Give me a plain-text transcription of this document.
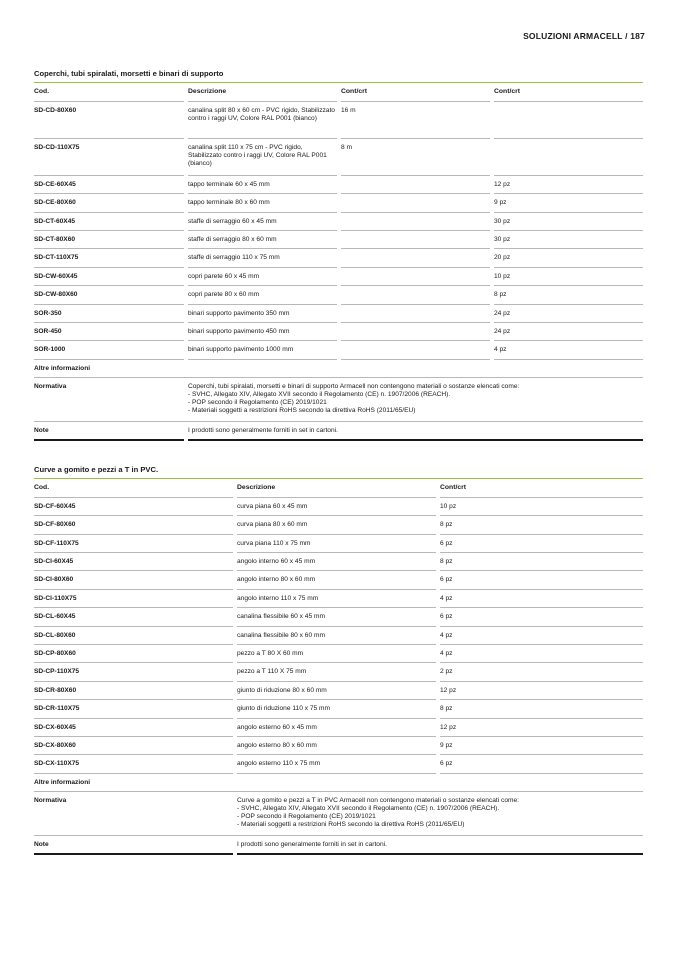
SOLUZIONI ARMACELL / 187
Coperchi, tubi spiralati, morsetti e binari di supporto
Cod.		Descrizione		Cont/crt		Cont/crt
SD-CD-80X60		canalina split 80 x 60 cm - PVC rigido, Stabilizzato contro i raggi UV, Colore RAL P001 (bianco)		16 m		
SD-CD-110X75		canalina split 110 x 75 cm - PVC rigido, Stabilizzato contro i raggi UV, Colore RAL P001 (bianco)		8 m		
SD-CE-60X45		tappo terminale 60 x 45 mm				12 pz
SD-CE-80X60		tappo terminale 80 x 60 mm				9 pz
SD-CT-60X45		staffe di serraggio 60 x 45 mm				30 pz
SD-CT-80X60		staffe di serraggio 80 x 60 mm				30 pz
SD-CT-110X75		staffe di serraggio 110 x 75 mm				20 pz
SD-CW-60X45		copri parete 60 x 45 mm				10 pz
SD-CW-80X60		copri parete 80 x 60 mm				8 pz
SOR-350		binari supporto pavimento 350 mm				24 pz
SOR-450		binari supporto pavimento 450 mm				24 pz
SOR-1000		binari supporto pavimento 1000 mm				4 pz
Altre informazioni						
Normativa		Coperchi, tubi spiralati, morsetti e binari di supporto Armacell non contengono materiali o sostanze elencati come:
- SVHC, Allegato XIV, Allegato XVII secondo il Regolamento (CE) n. 1907/2006 (REACH).
- POP secondo il Regolamento (CE) 2019/1021
- Materiali soggetti a restrizioni RoHS secondo la direttiva RoHS (2011/65/EU)				

Note		I prodotti sono generalmente forniti in set in cartoni.				
Curve a gomito e pezzi a T in PVC.
Cod.		Descrizione		Cont/crt
SD-CF-60X45		curva piana 60 x 45 mm		10 pz
SD-CF-80X60		curva piana 80 x 60 mm		8 pz
SD-CF-110X75		curva piana 110 x 75 mm		6 pz
SD-CI-60X45		angolo interno 60 x 45 mm		8 pz
SD-CI-80X60		angolo interno 80 x 60 mm		6 pz
SD-CI-110X75		angolo interno 110 x 75 mm		4 pz
SD-CL-60X45		canalina flessibile 60 x 45 mm		6 pz
SD-CL-80X60		canalina flessibile 80 x 60 mm		4 pz
SD-CP-80X60		pezzo a T 80 X 60 mm		4 pz
SD-CP-110X75		pezzo a T 110 X 75 mm		2 pz
SD-CR-80X60		giunto di riduzione 80 x 60 mm		12 pz
SD-CR-110X75		giunto di riduzione 110 x 75 mm		8 pz
SD-CX-60X45		angolo esterno 60 x 45 mm		12 pz
SD-CX-80X60		angolo esterno 80 x 60 mm		9 pz
SD-CX-110X75		angolo esterno 110 x 75 mm		6 pz
Altre informazioni				
Normativa		Curve a gomito e pezzi a T in PVC Armacell non contengono materiali o sostanze elencati come:
- SVHC, Allegato XIV, Allegato XVII secondo il Regolamento (CE) n. 1907/2006 (REACH).
- POP secondo il Regolamento (CE) 2019/1021
- Materiali soggetti a restrizioni RoHS secondo la direttiva RoHS (2011/65/EU)		

Note		I prodotti sono generalmente forniti in set in cartoni.		
